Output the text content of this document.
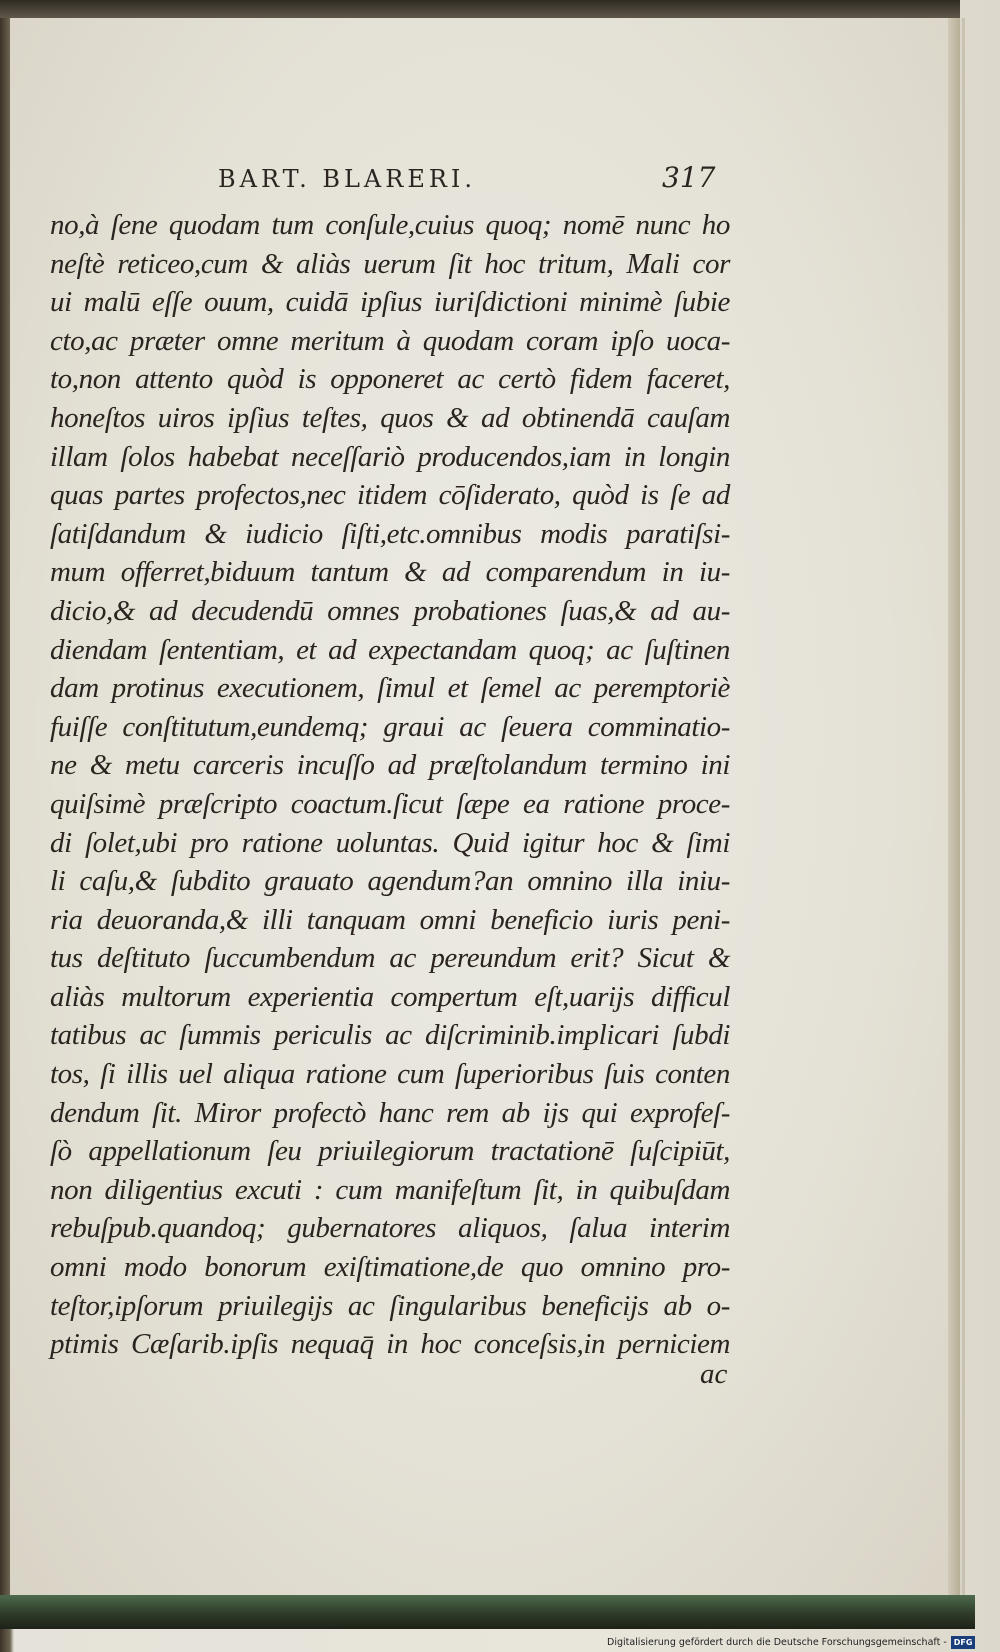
BART. BLARERI.	317
no,à ſene quodam tum conſule,cuius quoq; nomē nunc ho
neſtè reticeo,cum & aliàs uerum ſit hoc tritum, Mali cor
ui malū eſſe ouum, cuidā ipſius iuriſdictioni minimè ſubie
cto,ac præter omne meritum à quodam coram ipſo uoca-
to,non attento quòd is opponeret ac certò fidem faceret,
honeſtos uiros ipſius teſtes, quos & ad obtinendā cauſam
illam ſolos habebat neceſſariò producendos,iam in longin
quas partes profectos,nec itidem cōſiderato, quòd is ſe ad
ſatiſdandum & iudicio ſiſti,etc.omnibus modis paratiſsi-
mum offerret,biduum tantum & ad comparendum in iu-
dicio,& ad decudendū omnes probationes ſuas,& ad au-
diendam ſententiam, et ad expectandam quoq; ac ſuſtinen
dam protinus executionem, ſimul et ſemel ac peremptoriè
fuiſſe conſtitutum,eundemq; graui ac ſeuera comminatio-
ne & metu carceris incuſſo ad præſtolandum termino ini
quiſsimè præſcripto coactum.ſicut ſæpe ea ratione proce-
di ſolet,ubi pro ratione uoluntas. Quid igitur hoc & ſimi
li caſu,& ſubdito grauato agendum?an omnino illa iniu-
ria deuoranda,& illi tanquam omni beneficio iuris peni-
tus deſtituto ſuccumbendum ac pereundum erit? Sicut &
aliàs multorum experientia compertum eſt,uarijs difficul
tatibus ac ſummis periculis ac diſcriminib.implicari ſubdi
tos, ſi illis uel aliqua ratione cum ſuperioribus ſuis conten
dendum ſit. Miror profectò hanc rem ab ijs qui exprofeſ-
ſò appellationum ſeu priuilegiorum tractationē ſuſcipiūt,
non diligentius excuti : cum manifeſtum ſit, in quibuſdam
rebuſpub.quandoq; gubernatores aliquos, ſalua interim
omni modo bonorum exiſtimatione,de quo omnino pro-
teſtor,ipſorum priuilegijs ac ſingularibus beneficijs ab o-
ptimis Cæſarib.ipſis nequaq̄ in hoc conceſsis,in perniciem
ac
Digitalisierung gefördert durch die Deutsche Forschungsgemeinschaft - DFG
